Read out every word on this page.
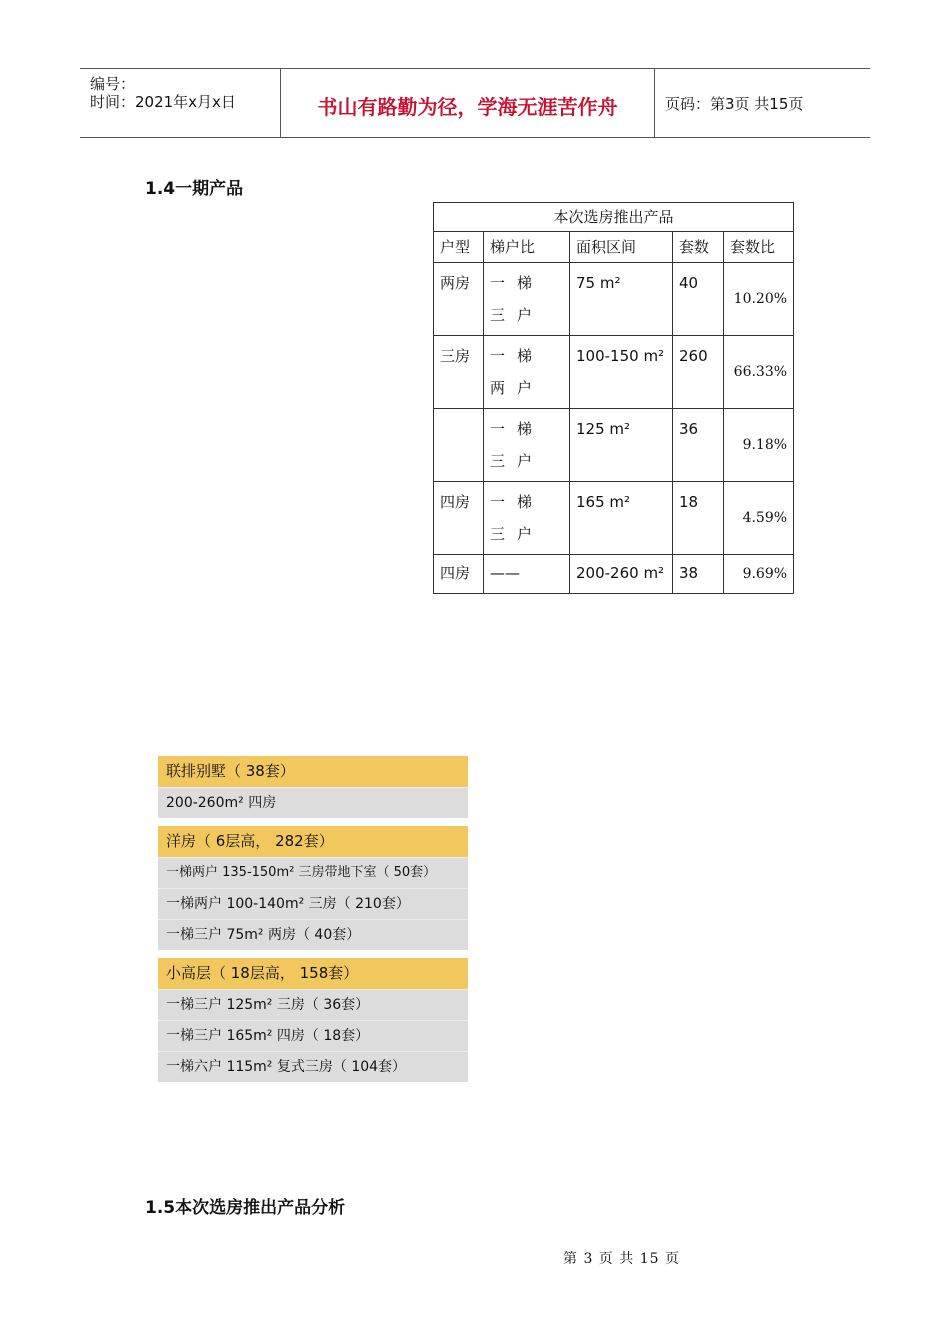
编号：
时间：2021年x月x日	书山有路勤为径，学海无涯苦作舟	页码：第3页 共15页
1.4一期产品
本次选房推出产品				
户型	梯户比	面积区间	套数	套数比
两房	一梯三户	75 m²	40	10.20%
三房	一梯两户	100-150 m²	260	66.33%
	一梯三户	125 m²	36	9.18%
四房	一梯三户	165 m²	18	4.59%
四房	——	200-260 m²	38	9.69%
联排别墅（ 38套）
200-260m² 四房
洋房（ 6层高， 282套）
一梯两户 135-150m² 三房带地下室（ 50套）
一梯两户 100-140m² 三房（ 210套）
一梯三户 75m² 两房（ 40套）
小高层（ 18层高， 158套）
一梯三户 125m² 三房（ 36套）
一梯三户 165m² 四房（ 18套）
一梯六户 115m² 复式三房（ 104套）
1.5本次选房推出产品分析
第 3 页 共 15 页
